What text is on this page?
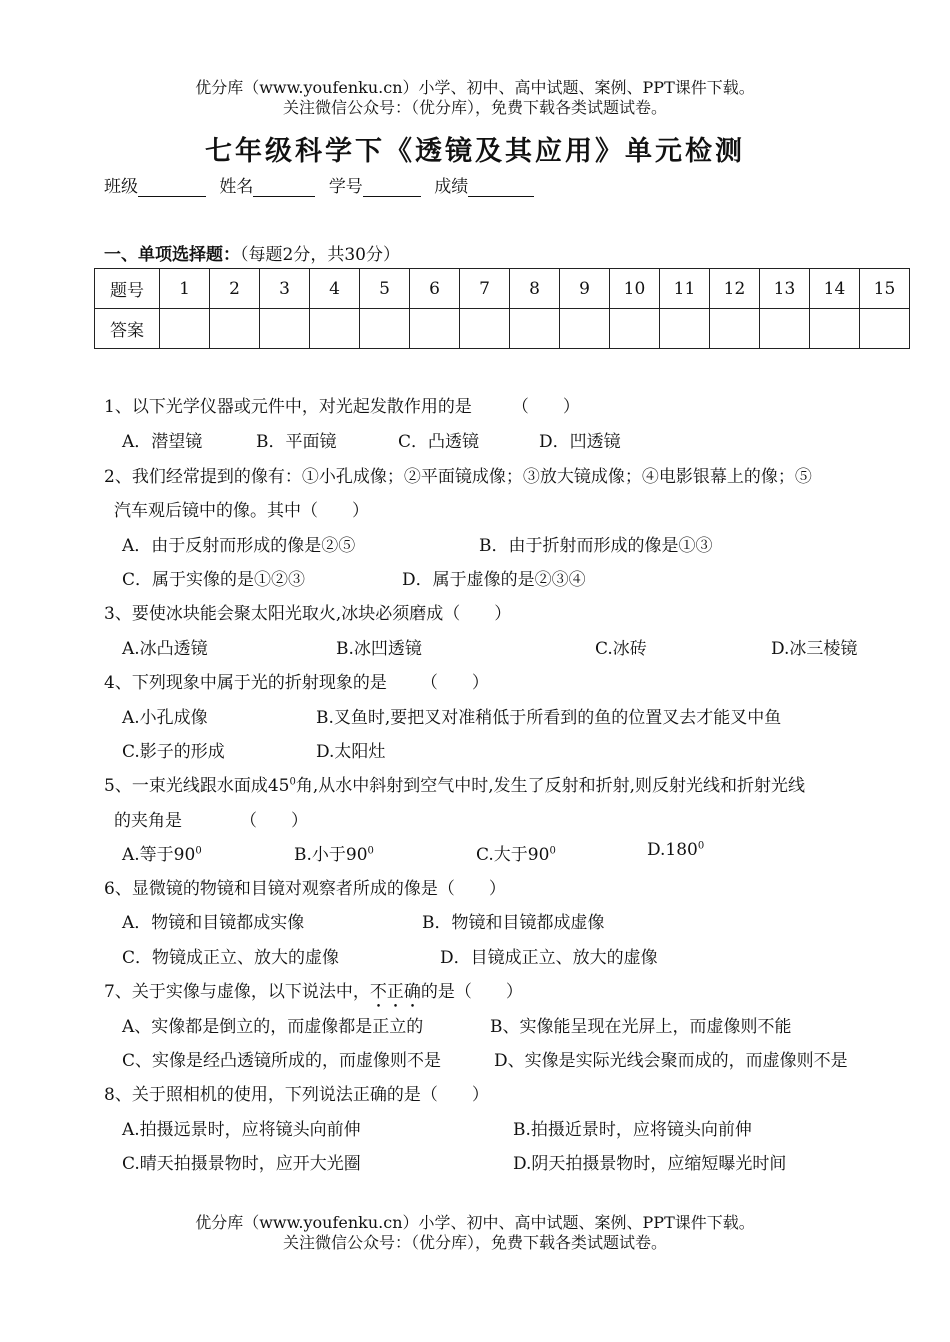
优分库（www.youfenku.cn）小学、初中、高中试题、案例、PPT课件下载。
关注微信公众号：（优分库），免费下载各类试题试卷。
七年级科学下《透镜及其应用》单元检测
班级	姓名	学号	成绩
一、单项选择题：（每题2分，共30分）
题号	1	2	3	4	5	6	7	8	9	10	11	12	13	14	15
答案															
1、以下光学仪器或元件中，对光起发散作用的是 （　　）
A．潜望镜	B．平面镜	C．凸透镜	D．凹透镜
2、我们经常提到的像有：①小孔成像；②平面镜成像；③放大镜成像；④电影银幕上的像；⑤
汽车观后镜中的像。其中（　　）
A．由于反射而形成的像是②⑤	B．由于折射而形成的像是①③
C．属于实像的是①②③	D．属于虚像的是②③④
3、要使冰块能会聚太阳光取火,冰块必须磨成（　　）
A.冰凸透镜	B.冰凹透镜	C.冰砖	D.冰三棱镜
4、下列现象中属于光的折射现象的是 （　　）
A.小孔成像	B.叉鱼时,要把叉对准稍低于所看到的鱼的位置叉去才能叉中鱼
C.影子的形成	D.太阳灶
5、一束光线跟水面成$45^0$角,从水中斜射到空气中时,发生了反射和折射,则反射光线和折射光线
的夹角是	（　　）
A.等于$90^0$	B.小于$90^0$	C.大于$90^0$	D.180$^0$
6、显微镜的物镜和目镜对观察者所成的像是（　　）
A．物镜和目镜都成实像	B．物镜和目镜都成虚像
C．物镜成正立、放大的虚像	D．目镜成正立、放大的虚像
7、关于实像与虚像，以下说法中，不正确的是（　　）
A、实像都是倒立的，而虚像都是正立的	B、实像能呈现在光屏上，而虚像则不能
C、实像是经凸透镜所成的，而虚像则不是	D、实像是实际光线会聚而成的，而虚像则不是
8、关于照相机的使用，下列说法正确的是（　　）
A.拍摄远景时，应将镜头向前伸	B.拍摄近景时，应将镜头向前伸
C.晴天拍摄景物时，应开大光圈	D.阴天拍摄景物时，应缩短曝光时间
优分库（www.youfenku.cn）小学、初中、高中试题、案例、PPT课件下载。
关注微信公众号：（优分库），免费下载各类试题试卷。
